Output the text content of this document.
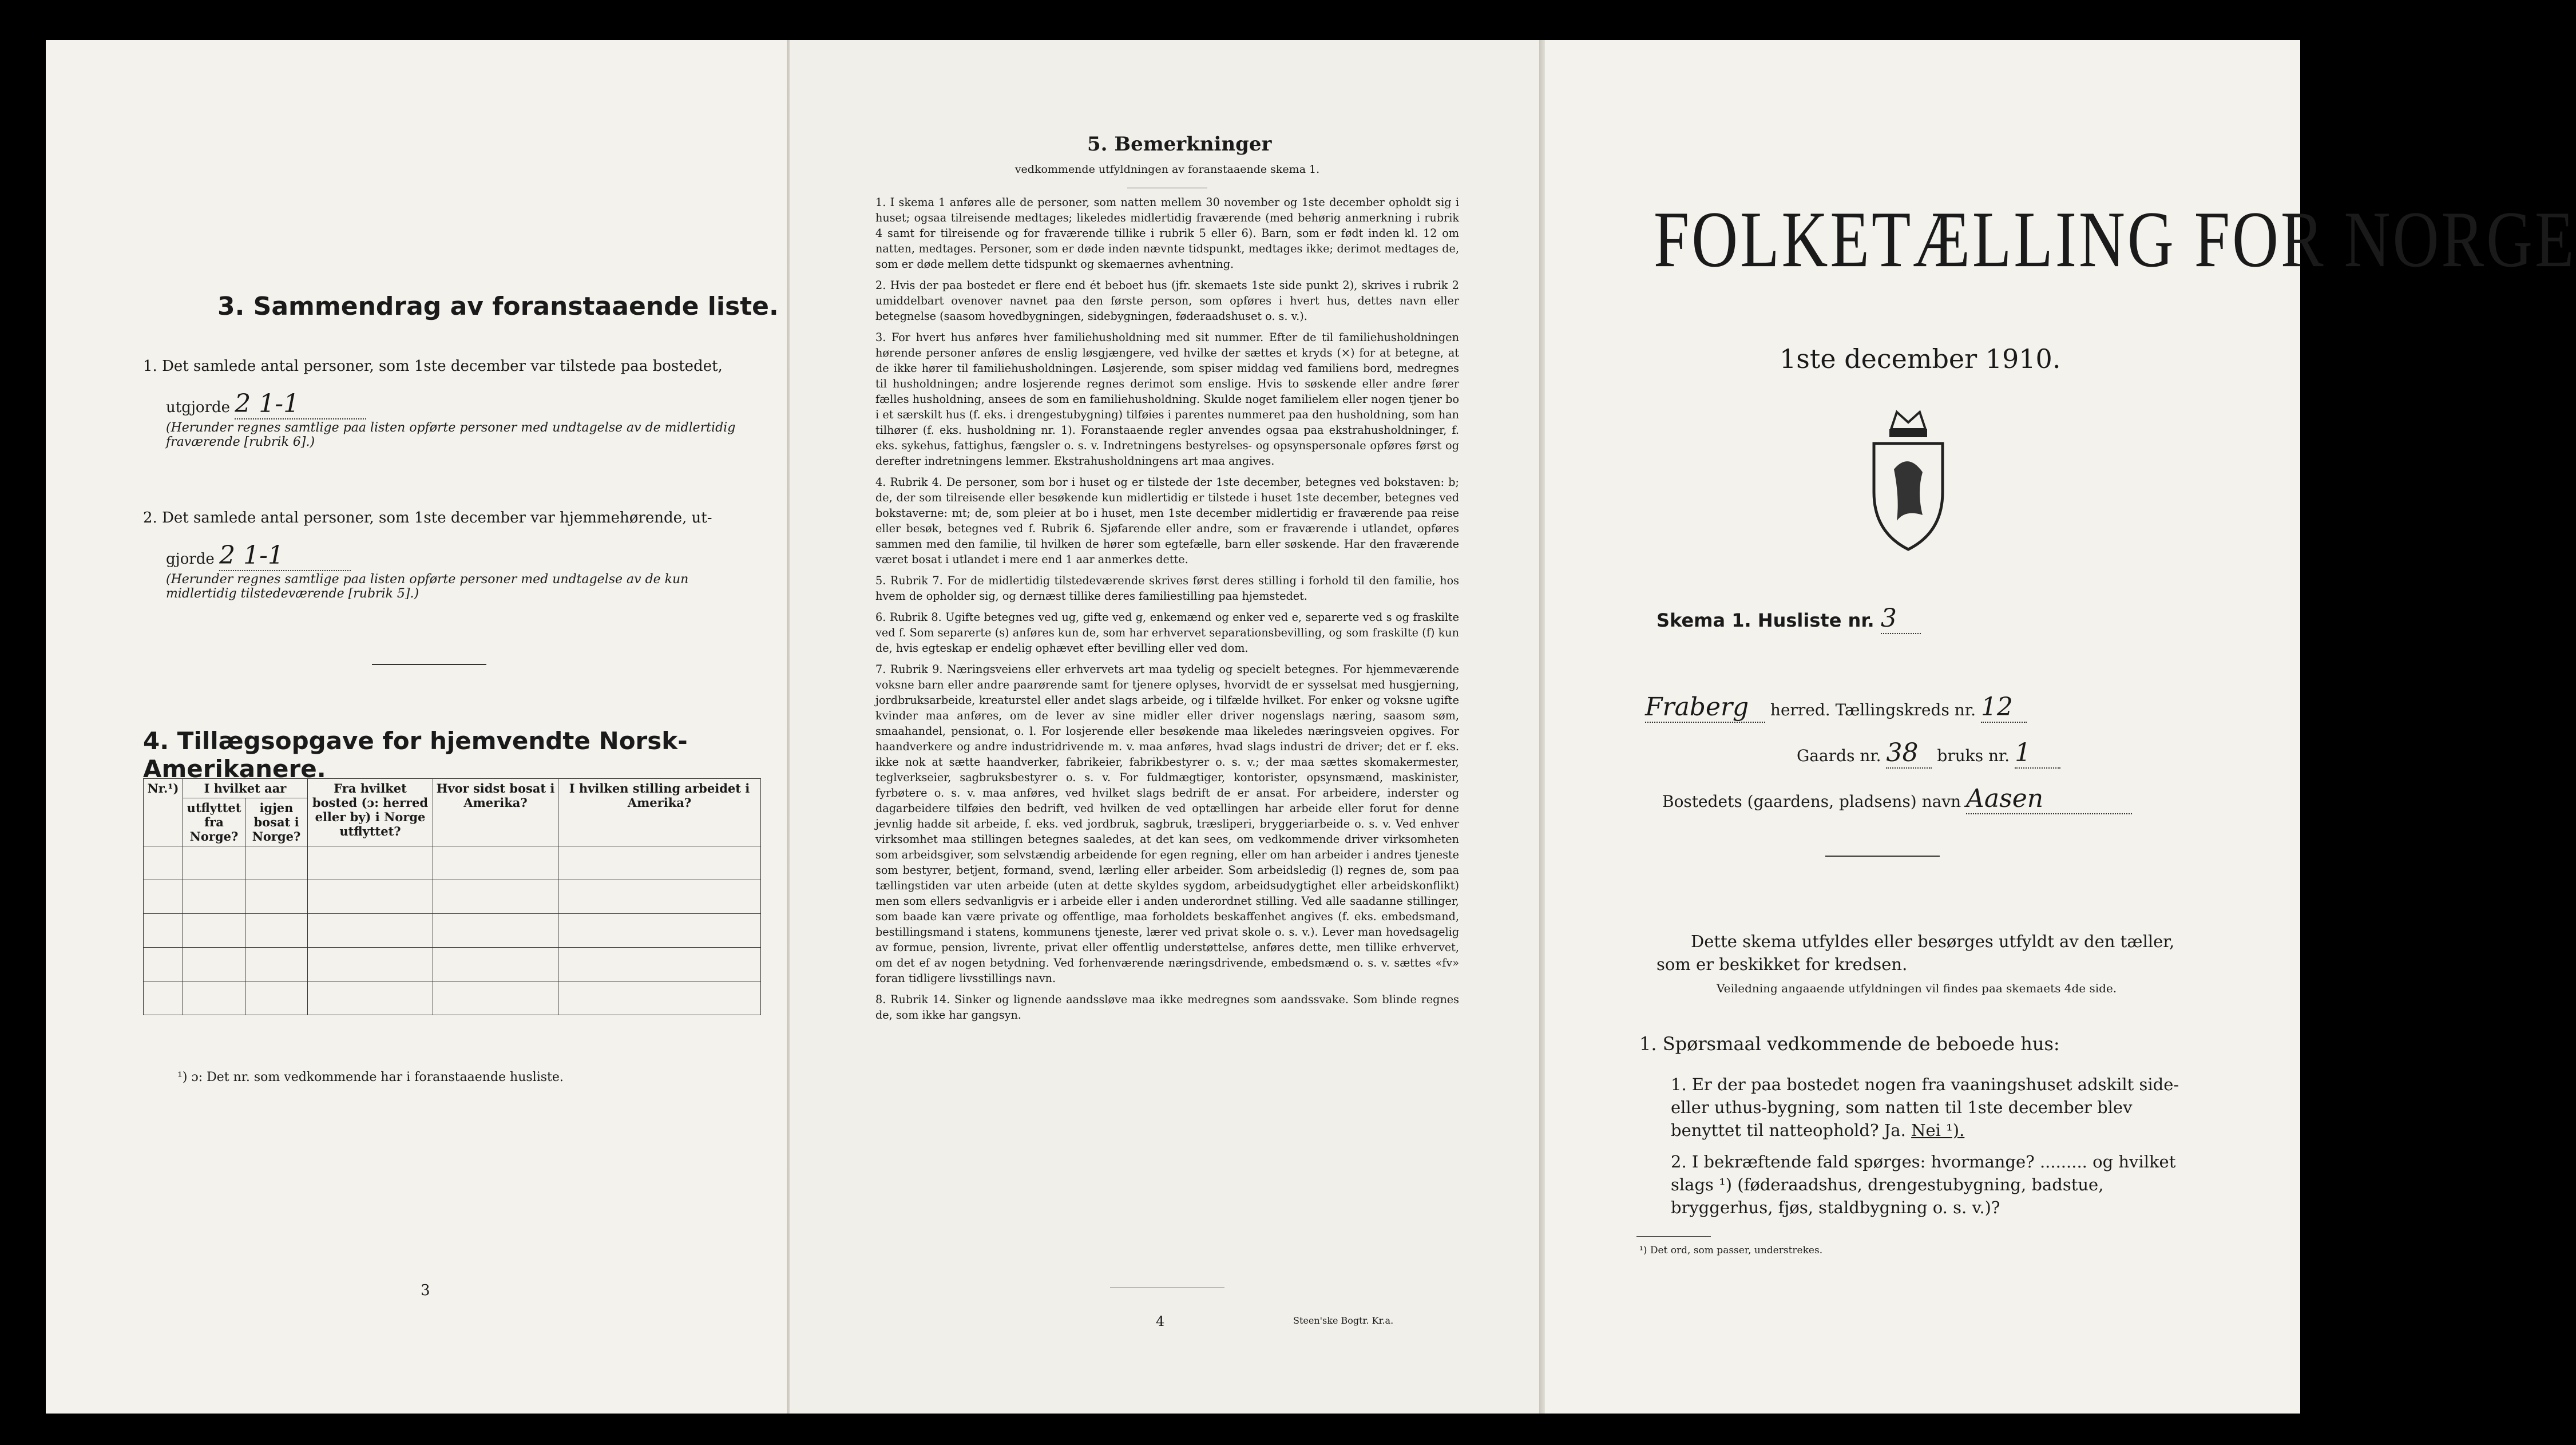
3. Sammendrag av foranstaaende liste.
1. Det samlede antal personer, som 1ste december var tilstede paa bostedet,
utgjorde 2 1-1
(Herunder regnes samtlige paa listen opførte personer med undtagelse av de midlertidig fraværende [rubrik 6].)
2. Det samlede antal personer, som 1ste december var hjemmehørende, ut-
gjorde 2 1-1
(Herunder regnes samtlige paa listen opførte personer med undtagelse av de kun midlertidig tilstedeværende [rubrik 5].)
4. Tillægsopgave for hjemvendte Norsk-Amerikanere.
Nr.¹)	I hvilket aar		Fra hvilket bosted (ɔ: herred eller by) i Norge utflyttet?	Hvor sidst bosat i Amerika?	I hvilken stilling arbeidet i Amerika?
	utflyttet fra Norge?	igjen bosat i Norge?			

¹) ɔ: Det nr. som vedkommende har i foranstaaende husliste.
3
5. Bemerkninger
vedkommende utfyldningen av foranstaaende skema 1.

1. I skema 1 anføres alle de personer, som natten mellem 30 november og 1ste december opholdt sig i huset; ogsaa tilreisende medtages; likeledes midlertidig fraværende (med behørig anmerkning i rubrik 4 samt for tilreisende og for fraværende tillike i rubrik 5 eller 6). Barn, som er født inden kl. 12 om natten, medtages. Personer, som er døde inden nævnte tidspunkt, medtages ikke; derimot medtages de, som er døde mellem dette tidspunkt og skemaernes avhentning.

2. Hvis der paa bostedet er flere end ét beboet hus (jfr. skemaets 1ste side punkt 2), skrives i rubrik 2 umiddelbart ovenover navnet paa den første person, som opføres i hvert hus, dettes navn eller betegnelse (saasom hovedbygningen, sidebygningen, føderaadshuset o. s. v.).

3. For hvert hus anføres hver familiehusholdning med sit nummer. Efter de til familiehusholdningen hørende personer anføres de enslig løsgjængere, ved hvilke der sættes et kryds (×) for at betegne, at de ikke hører til familiehusholdningen. Løsjerende, som spiser middag ved familiens bord, medregnes til husholdningen; andre losjerende regnes derimot som enslige. Hvis to søskende eller andre fører fælles husholdning, ansees de som en familiehusholdning. Skulde noget familielem eller nogen tjener bo i et særskilt hus (f. eks. i drengestubygning) tilføies i parentes nummeret paa den husholdning, som han tilhører (f. eks. husholdning nr. 1). Foranstaaende regler anvendes ogsaa paa ekstrahusholdninger, f. eks. sykehus, fattighus, fængsler o. s. v. Indretningens bestyrelses- og opsynspersonale opføres først og derefter indretningens lemmer. Ekstrahusholdningens art maa angives.

4. Rubrik 4. De personer, som bor i huset og er tilstede der 1ste december, betegnes ved bokstaven: b; de, der som tilreisende eller besøkende kun midlertidig er tilstede i huset 1ste december, betegnes ved bokstaverne: mt; de, som pleier at bo i huset, men 1ste december midlertidig er fraværende paa reise eller besøk, betegnes ved f. Rubrik 6. Sjøfarende eller andre, som er fraværende i utlandet, opføres sammen med den familie, til hvilken de hører som egtefælle, barn eller søskende. Har den fraværende været bosat i utlandet i mere end 1 aar anmerkes dette.

5. Rubrik 7. For de midlertidig tilstedeværende skrives først deres stilling i forhold til den familie, hos hvem de opholder sig, og dernæst tillike deres familiestilling paa hjemstedet.

6. Rubrik 8. Ugifte betegnes ved ug, gifte ved g, enkemænd og enker ved e, separerte ved s og fraskilte ved f. Som separerte (s) anføres kun de, som har erhvervet separationsbevilling, og som fraskilte (f) kun de, hvis egteskap er endelig ophævet efter bevilling eller ved dom.

7. Rubrik 9. Næringsveiens eller erhvervets art maa tydelig og specielt betegnes. For hjemmeværende voksne barn eller andre paarørende samt for tjenere oplyses, hvorvidt de er sysselsat med husgjerning, jordbruksarbeide, kreaturstel eller andet slags arbeide, og i tilfælde hvilket. For enker og voksne ugifte kvinder maa anføres, om de lever av sine midler eller driver nogenslags næring, saasom søm, smaahandel, pensionat, o. l. For losjerende eller besøkende maa likeledes næringsveien opgives. For haandverkere og andre industridrivende m. v. maa anføres, hvad slags industri de driver; det er f. eks. ikke nok at sætte haandverker, fabrikeier, fabrikbestyrer o. s. v.; der maa sættes skomakermester, teglverkseier, sagbruksbestyrer o. s. v. For fuldmægtiger, kontorister, opsynsmænd, maskinister, fyrbøtere o. s. v. maa anføres, ved hvilket slags bedrift de er ansat. For arbeidere, inderster og dagarbeidere tilføies den bedrift, ved hvilken de ved optællingen har arbeide eller forut for denne jevnlig hadde sit arbeide, f. eks. ved jordbruk, sagbruk, træsliperi, bryggeriarbeide o. s. v. Ved enhver virksomhet maa stillingen betegnes saaledes, at det kan sees, om vedkommende driver virksomheten som arbeidsgiver, som selvstændig arbeidende for egen regning, eller om han arbeider i andres tjeneste som bestyrer, betjent, formand, svend, lærling eller arbeider. Som arbeidsledig (l) regnes de, som paa tællingstiden var uten arbeide (uten at dette skyldes sygdom, arbeidsudygtighet eller arbeidskonflikt) men som ellers sedvanligvis er i arbeide eller i anden underordnet stilling. Ved alle saadanne stillinger, som baade kan være private og offentlige, maa forholdets beskaffenhet angives (f. eks. embedsmand, bestillingsmand i statens, kommunens tjeneste, lærer ved privat skole o. s. v.). Lever man hovedsagelig av formue, pension, livrente, privat eller offentlig understøttelse, anføres dette, men tillike erhvervet, om det ef av nogen betydning. Ved forhenværende næringsdrivende, embedsmænd o. s. v. sættes «fv» foran tidligere livsstillings navn.

8. Rubrik 14. Sinker og lignende aandssløve maa ikke medregnes som aandssvake. Som blinde regnes de, som ikke har gangsyn.

4	Steen'ske Bogtr. Kr.a.
FOLKETÆLLING FOR NORGE
1ste december 1910.
Skema 1. Husliste nr. 3
Fraberg herred. Tællingskreds nr. 12
Gaards nr. 38 bruks nr. 1
Bostedets (gaardens, pladsens) navn Aasen
Dette skema utfyldes eller besørges utfyldt av den tæller, som er beskikket for kredsen.
Veiledning angaaende utfyldningen vil findes paa skemaets 4de side.
1. Spørsmaal vedkommende de beboede hus:
1. Er der paa bostedet nogen fra vaaningshuset adskilt side- eller uthus-bygning, som natten til 1ste december blev benyttet til natteophold? Ja. Nei ¹).
2. I bekræftende fald spørges: hvormange? ......... og hvilket slags ¹) (føderaadshus, drengestubygning, badstue, bryggerhus, fjøs, staldbygning o. s. v.)?
¹) Det ord, som passer, understrekes.
